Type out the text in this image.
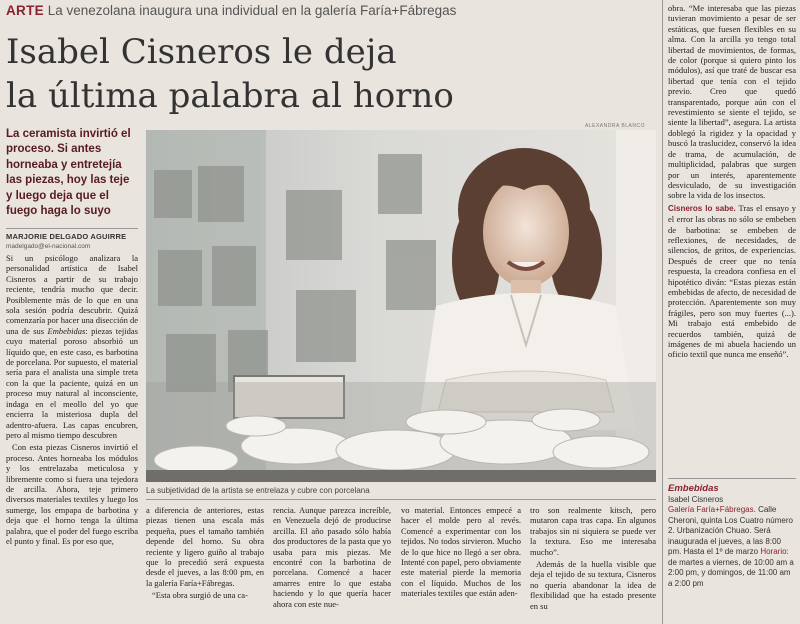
ARTE La venezolana inaugura una individual en la galería Faría+Fábregas
Isabel Cisneros le deja
la última palabra al horno
La ceramista invirtió el proceso. Si antes horneaba y entretejía las piezas, hoy las teje y luego deja que el fuego haga lo suyo
MARJORIE DELGADO AGUIRRE
madelgado@el-nacional.com

Si un psicólogo analizara la personalidad artística de Isabel Cisneros a partir de su trabajo reciente, tendría mucho que decir. Posiblemente más de lo que en una sola sesión podría descubrir. Quizá comenzaría por hacer una disección de una de sus Embebidas: piezas tejidas cuyo material poroso absorbió un líquido que, en este caso, es barbotina de porcelana. Por supuesto, el material sería para el analista una simple treta con la que la paciente, quizá en un proceso muy natural al inconsciente, indaga en el meollo del yo que encierra la misteriosa dupla del adentro-afuera. Las capas encubren, pero al mismo tiempo descubren

Con esta piezas Cisneros invirtió el proceso. Antes horneaba los módulos y los entrelazaba meticulosa y libremente como si fuera una tejedora de arcilla. Ahora, teje primero diversos materiales textiles y luego los sumerge, los empapa de barbotina y deja que el horno tenga la última palabra, que el poder del fuego escriba el punto y final. Es por eso que,

ALEXANDRA BLANCO
La subjetividad de la artista se entrelaza y cubre con porcelana

a diferencia de anteriores, estas piezas tienen una escala más pequeña, pues el tamaño también depende del horno. Su obra reciente y ligero guiño al trabajo que lo precedió será expuesta desde el jueves, a las 8:00 pm, en la galería Faría+Fábregas.

“Esta obra surgió de una ca-

rencia. Aunque parezca increíble, en Venezuela dejó de producirse arcilla. El año pasado sólo había dos productores de la pasta que yo usaba para mis piezas. Me encontré con la barbotina de porcelana. Comencé a hacer amarres entre lo que estaba haciendo y lo que quería hacer ahora con este nue-

vo material. Entonces empecé a hacer el molde pero al revés. Comencé a experimentar con los tejidos. No todos sirvieron. Mucho de lo que hice no llegó a ser obra. Intenté con papel, pero obviamente este material pierde la memoria con el líquido. Muchos de los materiales textiles que están aden-

tro son realmente kitsch, pero mutaron capa tras capa. En algunos trabajos sin ni siquiera se puede ver la textura. Eso me interesaba mucho”.

Además de la huella visible que deja el tejido de su textura, Cisneros no quería abandonar la idea de flexibilidad que ha estado presente en su

obra. “Me interesaba que las piezas tuvieran movimiento a pesar de ser estáticas, que fuesen flexibles en su alma. Con la arcilla yo tengo total libertad de movimientos, de formas, de color (porque si quiero pinto los módulos), así que traté de buscar esa libertad que tenía con el tejido previo. Creo que quedó transparentado, porque aún con el revestimiento se siente el tejido, se siente la libertad”, asegura. La artista doblegó la rigidez y la opacidad y buscó la traslucidez, conservó la idea de trama, de acumulación, de multiplicidad, palabras que surgen por un interés, aparentemente desviculado, de su investigación sobre la vida de los insectos.

Cisneros lo sabe. Tras el ensayo y el error las obras no sólo se embeben de barbotina: se embeben de reflexiones, de necesidades, de silencios, de gritos, de experiencias. Después de creer que no tenía respuesta, la creadora confiesa en el hipotético diván: “Estas piezas están embebidas de afecto, de necesidad de protección. Aparentemente son muy frágiles, pero son muy fuertes (...). Mi trabajo está embebido de recuerdos también, quizá de imágenes de mi abuela haciendo un oficio textil que nunca me enseñó”.

Embebidas
Isabel Cisneros
Galería Faría+Fábregas. Calle Cheroni, quinta Los Cuatro número 2. Urbanización Chuao. Será inaugurada el jueves, a las 8:00 pm. Hasta el 1º de marzo Horario: de martes a viernes, de 10:00 am a 2:00 pm, y domingos, de 11:00 am a 2:00 pm
